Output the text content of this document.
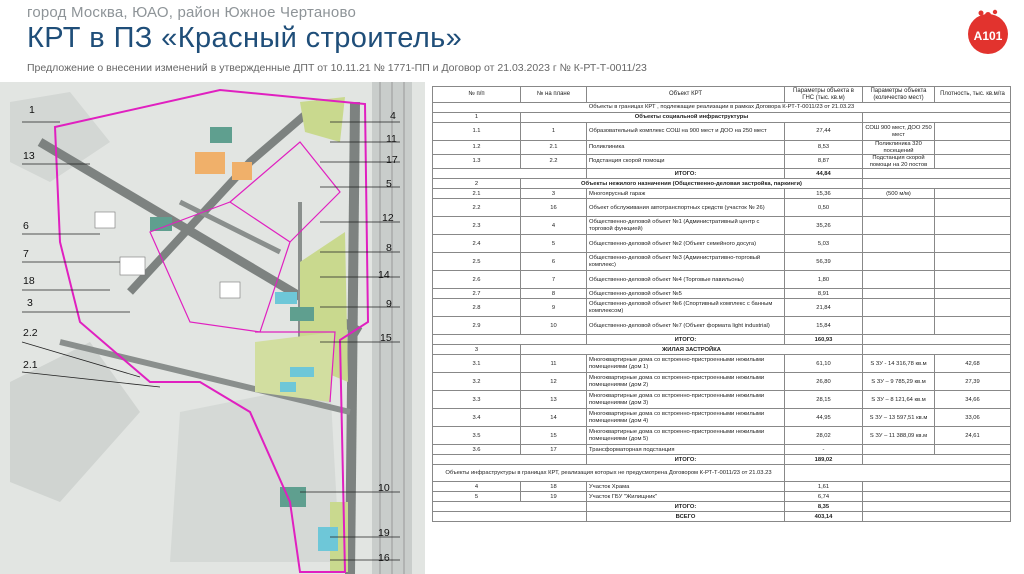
город Москва, ЮАО, район Южное Чертаново
КРТ в ПЗ «Красный строитель»
Предложение о внесении изменений в утвержденные ДПТ от 10.11.21 № 1771-ПП и Договор от 21.03.2023 г № К-РТ-Т-0011/23
A101
1
13
6
7
18
3
2.2
2.1
4
11
17
5
12
8
14
9
15
10
19
16
№ п/п	№ на плане	Объект КРТ	Параметры объекта в ГНС (тыс. кв.м)	Параметры объекта (количество мест)	Плотность, тыс. кв.м/га
Объекты в границах КРТ , подлежащие реализации в рамках Договора К-РТ-Т-0011/23 от 21.03.23					
1	Объекты социальной инфраструктуры				
1.1	1	Образовательный комплекс СОШ на 900 мест и ДОО на 250 мест	27,44	СОШ 900 мест, ДОО 250 мест	
1.2	2.1	Поликлиника	8,53	Поликлиника 320 посещений	
1.3	2.2	Подстанция скорой помощи	8,87	Подстанция скорой помощи на 20 постов	
		ИТОГО:	44,84		
2	Объекты нежилого назначения (Общественно-деловая застройка, паркинги)				
2.1	3	Многоярусный гараж	15,36	(500 м/м)	
2.2	16	Объект обслуживания автотранспортных средств (участок № 26)	0,50		
2.3	4	Общественно-деловой объект №1 (Административный центр с торговой функцией)	35,26		
2.4	5	Общественно-деловой объект №2 (Объект семейного досуга)	5,03		
2.5	6	Общественно-деловой объект №3 (Административно-торговый комплекс)	56,39		
2.6	7	Общественно-деловой объект №4 (Торговые павильоны)	1,80		
2.7	8	Общественно-деловой объект №5	8,91		
2.8	9	Общественно-деловой объект №6 (Спортивный комплекс с банным комплексом)	21,84		
2.9	10	Общественно-деловой объект №7 (Объект формата light industrial)	15,84		
		ИТОГО:	160,93		
3	ЖИЛАЯ ЗАСТРОЙКА				
3.1	11	Многоквартирные дома со встроенно-пристроенными нежилыми помещениями (дом 1)	61,10	S ЗУ - 14 316,78 кв.м	42,68
3.2	12	Многоквартирные дома со встроенно-пристроенными нежилыми помещениями (дом 2)	26,80	S ЗУ – 9 785,29 кв.м	27,39
3.3	13	Многоквартирные дома со встроенно-пристроенными нежилыми помещениями (дом 3)	28,15	S ЗУ – 8 121,64 кв.м	34,66
3.4	14	Многоквартирные дома со встроенно-пристроенными нежилыми помещениями (дом 4)	44,95	S ЗУ – 13 597,51 кв.м	33,06
3.5	15	Многоквартирные дома со встроенно-пристроенными нежилыми помещениями (дом 5)	28,02	S ЗУ – 11 388,09 кв.м	24,61
3.6	17	Трансформаторная подстанция	-		
		ИТОГО:	189,02		
Объекты инфраструктуры в границах КРТ, реализация которых не предусмотрена Договором К-РТ-Т-0011/23 от 21.03.23					
4	18	Участок Храма	1,61		
5	19	Участок ГБУ "Жилищник"	6,74		
		ИТОГО:	8,35		
		ВСЕГО	403,14		
